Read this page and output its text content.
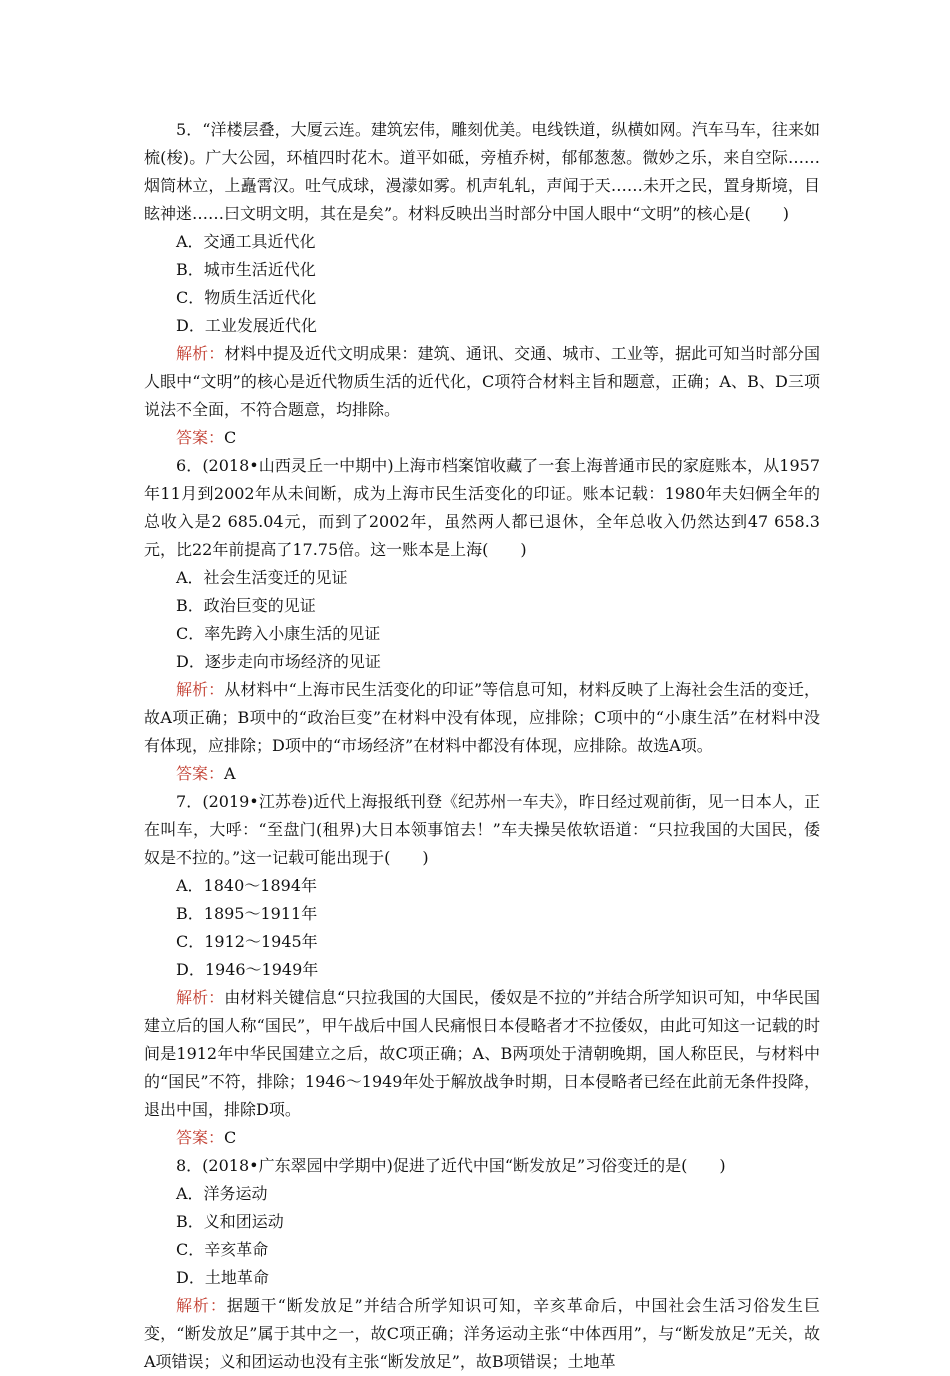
5．“洋楼层叠，大厦云连。建筑宏伟，雕刻优美。电线铁道，纵横如网。汽车马车，往来如梳(梭)。广大公园，环植四时花木。道平如砥，旁植乔树，郁郁葱葱。微妙之乐，来自空际……烟筒林立，上矗霄汉。吐气成球，漫濛如雾。机声轧轧，声闻于天……未开之民，置身斯境，目眩神迷……曰文明文明，其在是矣”。材料反映出当时部分中国人眼中“文明”的核心是(　　)

A．交通工具近代化
B．城市生活近代化
C．物质生活近代化
D．工业发展近代化

解析：材料中提及近代文明成果：建筑、通讯、交通、城市、工业等，据此可知当时部分国人眼中“文明”的核心是近代物质生活的近代化，C项符合材料主旨和题意，正确；A、B、D三项说法不全面，不符合题意，均排除。

答案：C

6．(2018•山西灵丘一中期中)上海市档案馆收藏了一套上海普通市民的家庭账本，从1957年11月到2002年从未间断，成为上海市民生活变化的印证。账本记载：1980年夫妇俩全年的总收入是2 685.04元，而到了2002年，虽然两人都已退休，全年总收入仍然达到47 658.3元，比22年前提高了17.75倍。这一账本是上海(　　)

A．社会生活变迁的见证
B．政治巨变的见证
C．率先跨入小康生活的见证
D．逐步走向市场经济的见证

解析：从材料中“上海市民生活变化的印证”等信息可知，材料反映了上海社会生活的变迁，故A项正确；B项中的“政治巨变”在材料中没有体现，应排除；C项中的“小康生活”在材料中没有体现，应排除；D项中的“市场经济”在材料中都没有体现，应排除。故选A项。

答案：A

7．(2019•江苏卷)近代上海报纸刊登《纪苏州一车夫》，昨日经过观前街，见一日本人，正在叫车，大呼：“至盘门(租界)大日本领事馆去！”车夫操吴侬软语道：“只拉我国的大国民，倭奴是不拉的。”这一记载可能出现于(　　)

A．1840～1894年
B．1895～1911年
C．1912～1945年
D．1946～1949年

解析：由材料关键信息“只拉我国的大国民，倭奴是不拉的”并结合所学知识可知，中华民国建立后的国人称“国民”，甲午战后中国人民痛恨日本侵略者才不拉倭奴，由此可知这一记载的时间是1912年中华民国建立之后，故C项正确；A、B两项处于清朝晚期，国人称臣民，与材料中的“国民”不符，排除；1946～1949年处于解放战争时期，日本侵略者已经在此前无条件投降，退出中国，排除D项。

答案：C

8．(2018•广东翠园中学期中)促进了近代中国“断发放足”习俗变迁的是(　　)

A．洋务运动
B．义和团运动
C．辛亥革命
D．土地革命

解析：据题干“断发放足”并结合所学知识可知，辛亥革命后，中国社会生活习俗发生巨变，“断发放足”属于其中之一，故C项正确；洋务运动主张“中体西用”，与“断发放足”无关，故A项错误；义和团运动也没有主张“断发放足”，故B项错误；土地革
